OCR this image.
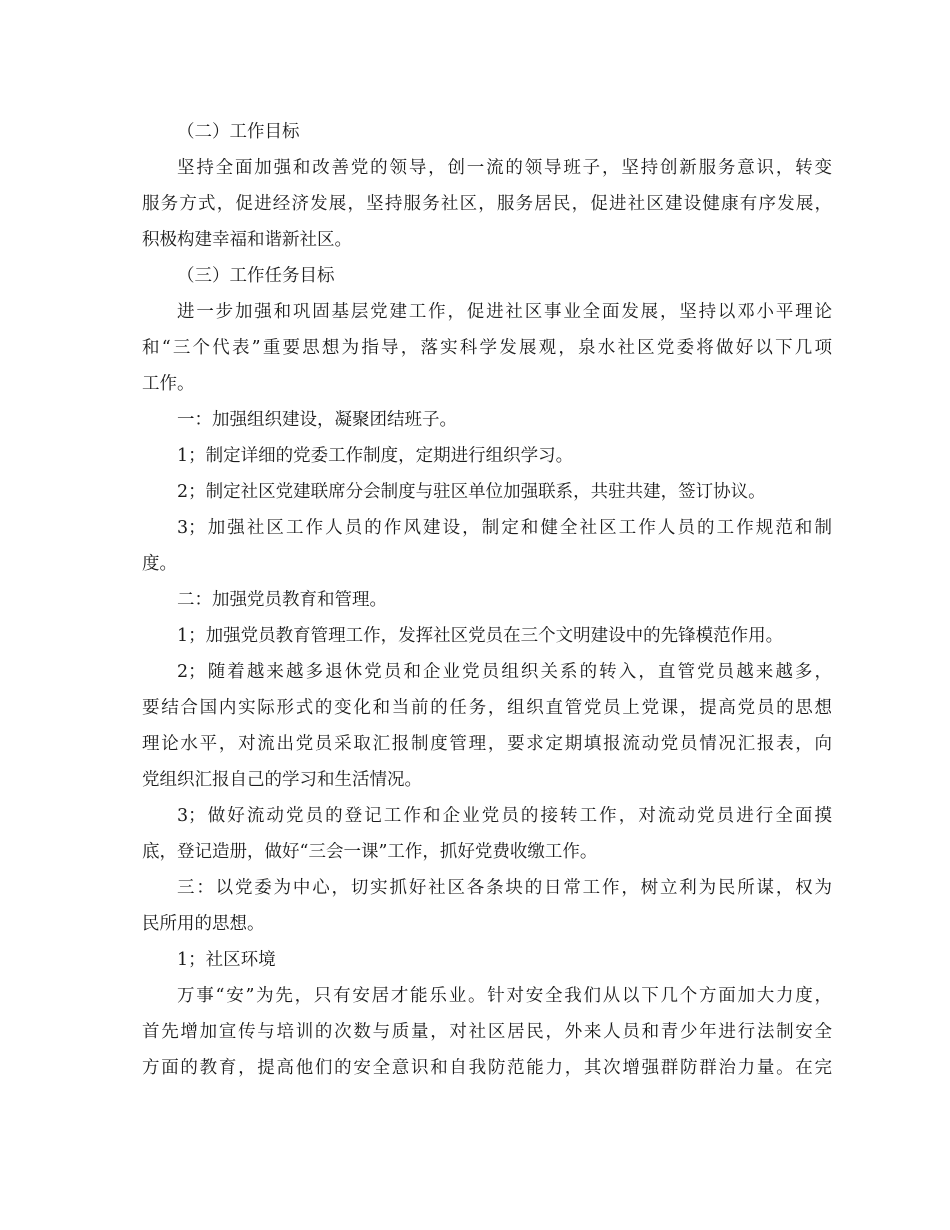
（二）工作目标
坚持全面加强和改善党的领导，创一流的领导班子，坚持创新服务意识，转变
服务方式，促进经济发展，坚持服务社区，服务居民，促进社区建设健康有序发展，
积极构建幸福和谐新社区。
（三）工作任务目标
进一步加强和巩固基层党建工作，促进社区事业全面发展，坚持以邓小平理论
和“三个代表”重要思想为指导，落实科学发展观，泉水社区党委将做好以下几项
工作。
一：加强组织建设，凝聚团结班子。
1；制定详细的党委工作制度，定期进行组织学习。
2；制定社区党建联席分会制度与驻区单位加强联系，共驻共建，签订协议。
3；加强社区工作人员的作风建设，制定和健全社区工作人员的工作规范和制
度。
二：加强党员教育和管理。
1；加强党员教育管理工作，发挥社区党员在三个文明建设中的先锋模范作用。
2；随着越来越多退休党员和企业党员组织关系的转入，直管党员越来越多，
要结合国内实际形式的变化和当前的任务，组织直管党员上党课，提高党员的思想
理论水平，对流出党员采取汇报制度管理，要求定期填报流动党员情况汇报表，向
党组织汇报自己的学习和生活情况。
3；做好流动党员的登记工作和企业党员的接转工作，对流动党员进行全面摸
底，登记造册，做好“三会一课”工作，抓好党费收缴工作。
三：以党委为中心，切实抓好社区各条块的日常工作，树立利为民所谋，权为
民所用的思想。
1；社区环境
万事“安”为先，只有安居才能乐业。针对安全我们从以下几个方面加大力度，
首先增加宣传与培训的次数与质量，对社区居民，外来人员和青少年进行法制安全
方面的教育，提高他们的安全意识和自我防范能力，其次增强群防群治力量。在完
